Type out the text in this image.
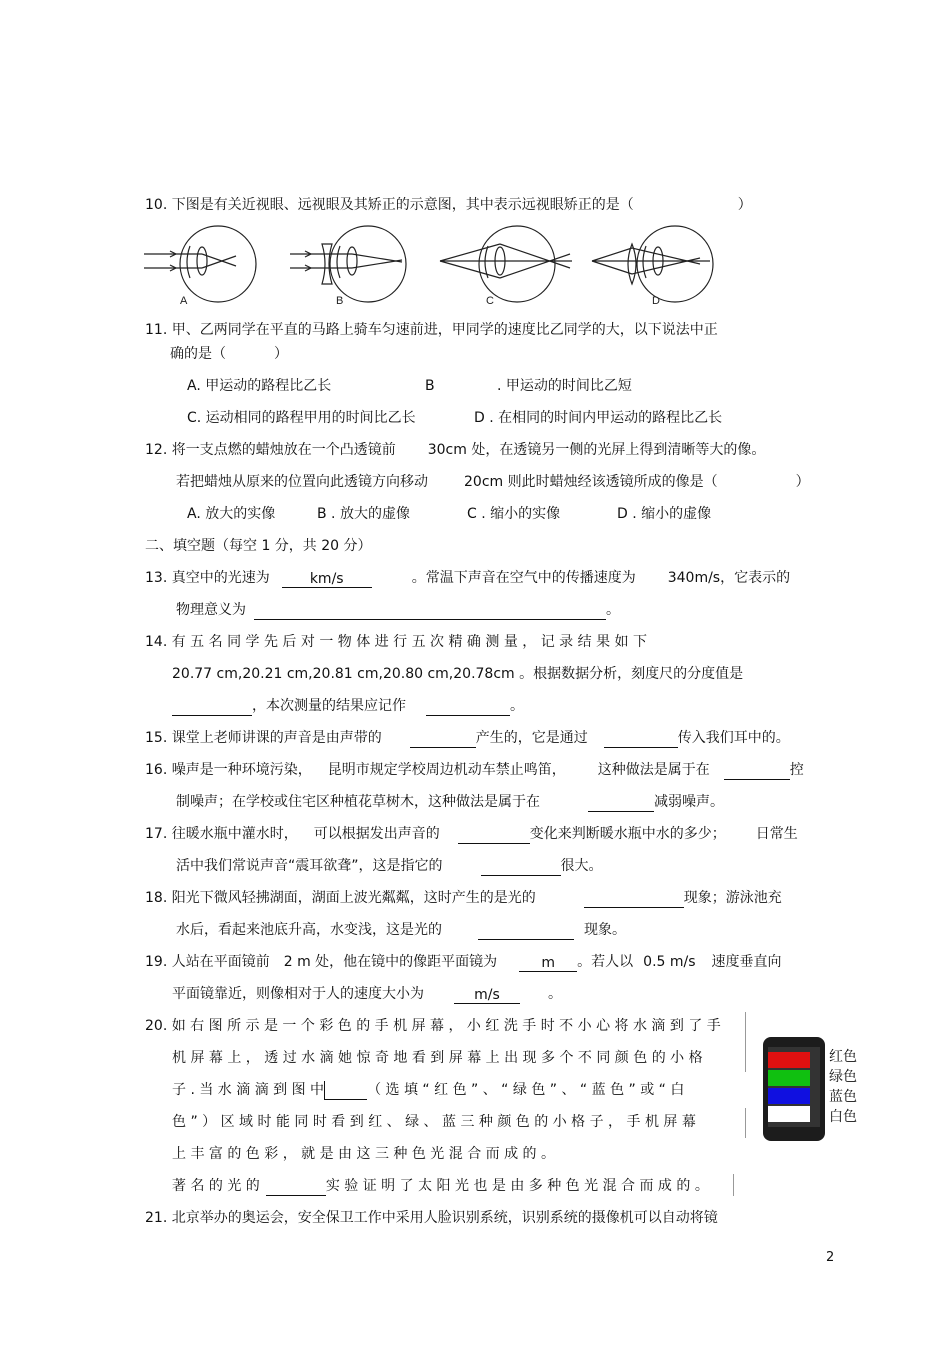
10. 下图是有关近视眼、远视眼及其矫正的示意图，其中表示远视眼矫正的是（	）
A	B	C	D
11. 甲、乙两同学在平直的马路上骑车匀速前进，甲同学的速度比乙同学的大，以下说法中正
确的是（	）
A. 甲运动的路程比乙长	B	. 甲运动的时间比乙短
C. 运动相同的路程甲用的时间比乙长	D . 在相同的时间内甲运动的路程比乙长
12. 将一支点燃的蜡烛放在一个凸透镜前 30cm 处，在透镜另一侧的光屏上得到清晰等大的像。
若把蜡烛从原来的位置向此透镜方向移动	20cm 则此时蜡烛经该透镜所成的像是（	）
A. 放大的实像	B . 放大的虚像	C . 缩小的实像	D . 缩小的虚像
二、填空题（每空 1 分，共 20 分）
13. 真空中的光速为	km/s	。常温下声音在空气中的传播速度为 340m/s，它表示的
物理意义为	。
14. 有 五 名 同 学 先 后 对 一 物 体 进 行 五 次 精 确 测 量 ， 记 录 结 果 如 下
20.77 cm,20.21 cm,20.81 cm,20.80 cm,20.78cm 。根据数据分析，刻度尺的分度值是
，本次测量的结果应记作	。
15. 课堂上老师讲课的声音是由声带的	产生的，它是通过	传入我们耳中的。
16. 噪声是一种环境污染， 昆明市规定学校周边机动车禁止鸣笛， 这种做法是属于在	控
制噪声；在学校或住宅区种植花草树木，这种做法是属于在	减弱噪声。
17. 往暖水瓶中灌水时， 可以根据发出声音的	变化来判断暖水瓶中水的多少； 日常生
活中我们常说声音“震耳欲聋”，这是指它的	很大。
18. 阳光下微风轻拂湖面，湖面上波光粼粼，这时产生的是光的	现象；游泳池充
水后，看起来池底升高，水变浅，这是光的	现象。
19. 人站在平面镜前 2 m 处，他在镜中的像距平面镜为	m 。若人以 0.5 m/s 速度垂直向
平面镜靠近，则像相对于人的速度大小为	m/s	。
20. 如 右 图 所 示 是 一 个 彩 色 的 手 机 屏 幕 ， 小 红 洗 手 时 不 小 心 将 水 滴 到 了 手
机 屏 幕 上 ， 透 过 水 滴 她 惊 奇 地 看 到 屏 幕 上 出 现 多 个 不 同 颜 色 的 小 格
子 . 当 水 滴 滴 到 图 中	（ 选 填 “ 红 色 ” 、 “ 绿 色 ” 、 “ 蓝 色 ” 或 “ 白
色 ” ） 区 域 时 能 同 时 看 到 红 、 绿 、 蓝 三 种 颜 色 的 小 格 子 ， 手 机 屏 幕
上 丰 富 的 色 彩 ， 就 是 由 这 三 种 色 光 混 合 而 成 的 。
著 名 的 光 的	实 验 证 明 了 太 阳 光 也 是 由 多 种 色 光 混 合 而 成 的 。
红色
绿色
蓝色
白色
21. 北京举办的奥运会，安全保卫工作中采用人脸识别系统，识别系统的摄像机可以自动将镜
2
